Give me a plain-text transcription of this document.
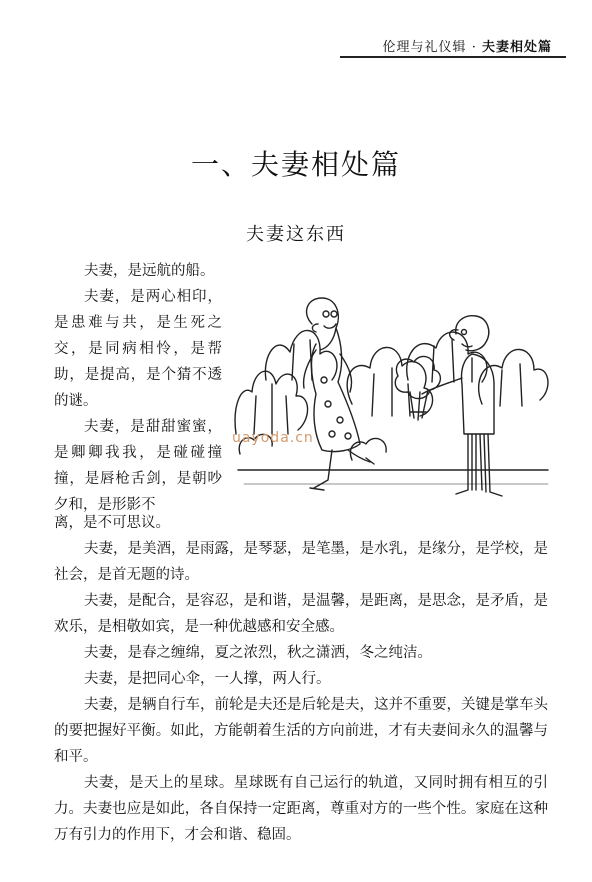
伦理与礼仪辑 · 夫妻相处篇
一、夫妻相处篇
夫妻这东西

夫妻，是远航的船。

夫妻，是两心相印，是患难与共，是生死之交，是同病相怜，是帮助，是提高，是个猜不透的谜。

夫妻，是甜甜蜜蜜，是卿卿我我，是碰碰撞撞，是唇枪舌剑，是朝吵夕和，是形影不

离，是不可思议。

夫妻，是美酒，是雨露，是琴瑟，是笔墨，是水乳，是缘分，是学校，是社会，是首无题的诗。

夫妻，是配合，是容忍，是和谐，是温馨，是距离，是思念，是矛盾，是欢乐，是相敬如宾，是一种优越感和安全感。

夫妻，是春之缠绵，夏之浓烈，秋之潇洒，冬之纯洁。

夫妻，是把同心伞，一人撑，两人行。

夫妻，是辆自行车，前轮是夫还是后轮是夫，这并不重要，关键是掌车头的要把握好平衡。如此，方能朝着生活的方向前进，才有夫妻间永久的温馨与和平。

夫妻，是天上的星球。星球既有自己运行的轨道，又同时拥有相互的引力。夫妻也应是如此，各自保持一定距离，尊重对方的一些个性。家庭在这种万有引力的作用下，才会和谐、稳固。

uayoda.cn
